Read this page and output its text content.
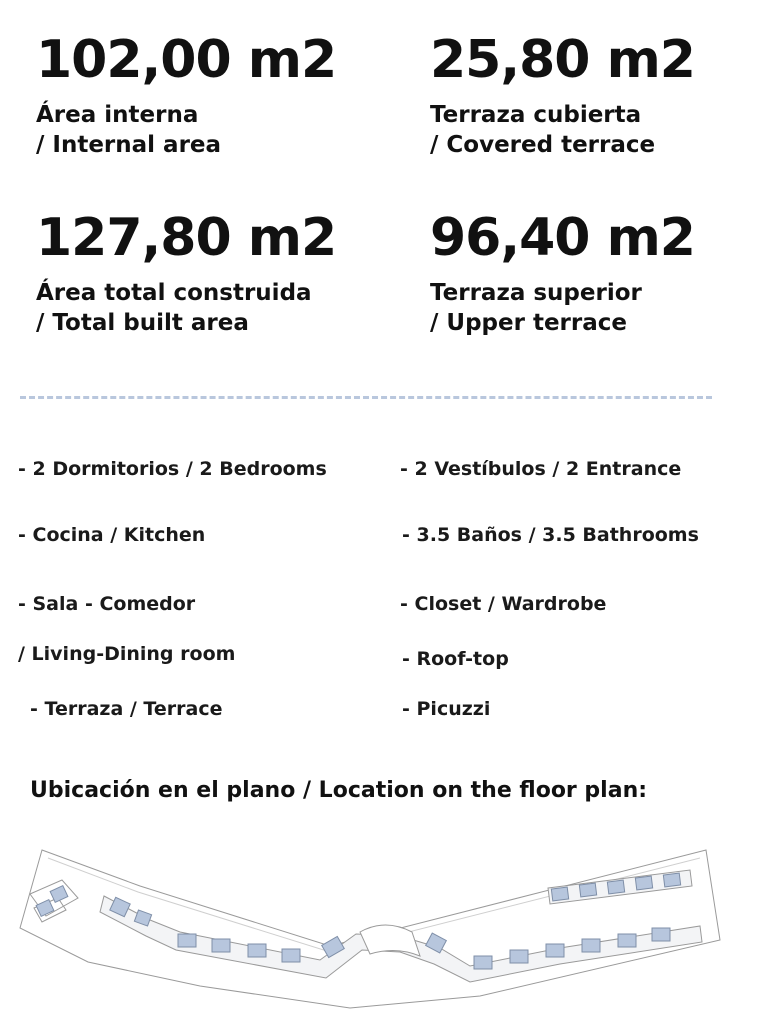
102,00 m2
Área interna
/ Internal area
25,80 m2
Terraza cubierta
/ Covered terrace
127,80 m2
Área total construida
/ Total built area
96,40 m2
Terraza superior
/ Upper terrace
- 2 Dormitorios / 2 Bedrooms
- Cocina / Kitchen
- Sala - Comedor
/ Living-Dining room
- Terraza / Terrace
- 2 Vestíbulos / 2 Entrance
- 3.5 Baños / 3.5 Bathrooms
- Closet / Wardrobe
- Roof-top
- Picuzzi
Ubicación en el plano / Location on the floor plan:
